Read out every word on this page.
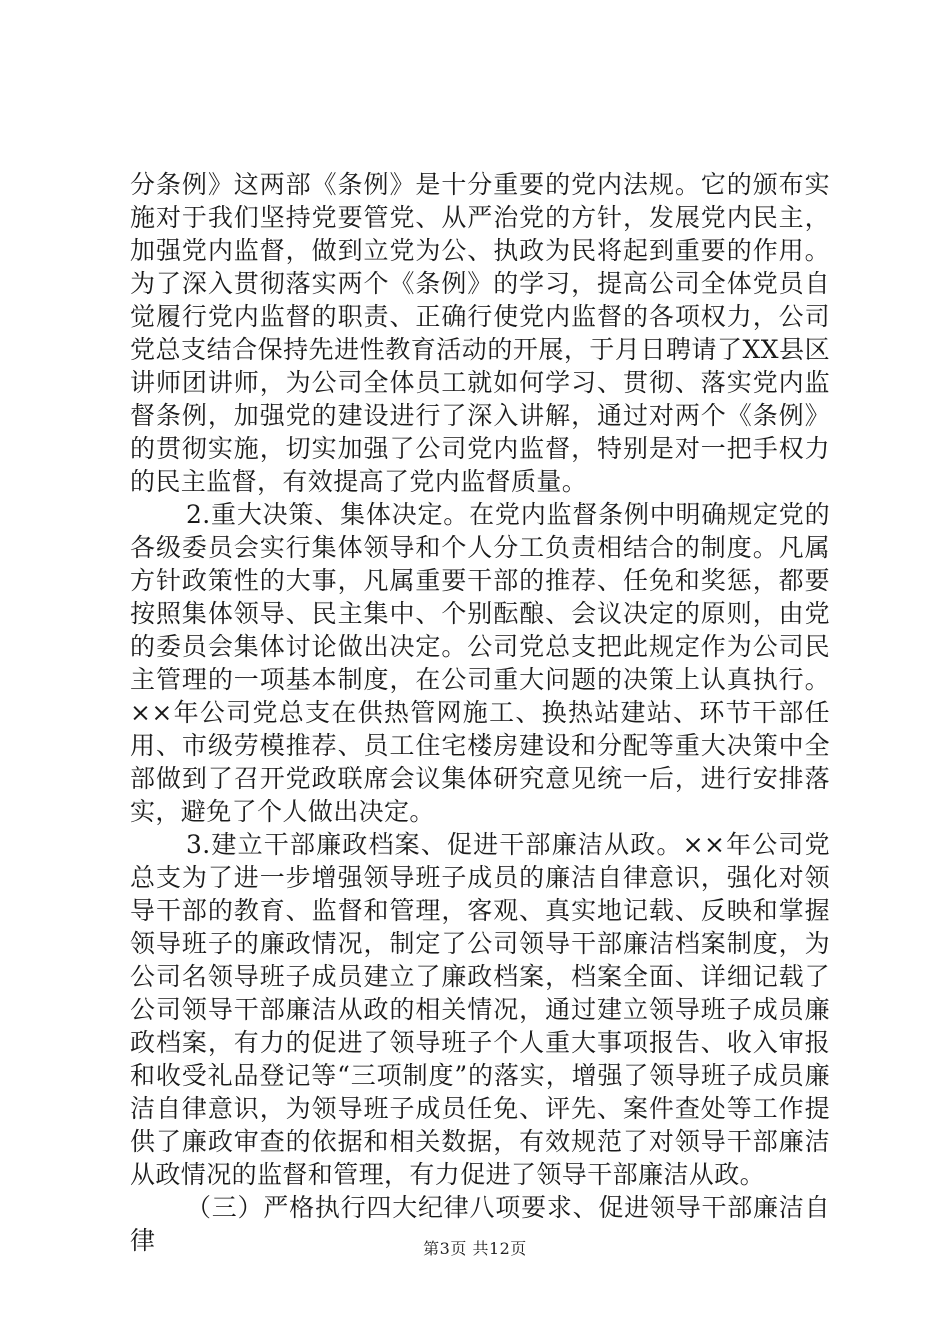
分条例》这两部《条例》是十分重要的党内法规。它的颁布实施对于我们坚持党要管党、从严治党的方针，发展党内民主，加强党内监督，做到立党为公、执政为民将起到重要的作用。为了深入贯彻落实两个《条例》的学习，提高公司全体党员自觉履行党内监督的职责、正确行使党内监督的各项权力，公司党总支结合保持先进性教育活动的开展，于月日聘请了XX县区讲师团讲师，为公司全体员工就如何学习、贯彻、落实党内监督条例，加强党的建设进行了深入讲解，通过对两个《条例》的贯彻实施，切实加强了公司党内监督，特别是对一把手权力的民主监督，有效提高了党内监督质量。

2.重大决策、集体决定。在党内监督条例中明确规定党的各级委员会实行集体领导和个人分工负责相结合的制度。凡属方针政策性的大事，凡属重要干部的推荐、任免和奖惩，都要按照集体领导、民主集中、个别酝酿、会议决定的原则，由党的委员会集体讨论做出决定。公司党总支把此规定作为公司民主管理的一项基本制度，在公司重大问题的决策上认真执行。××年公司党总支在供热管网施工、换热站建站、环节干部任用、市级劳模推荐、员工住宅楼房建设和分配等重大决策中全部做到了召开党政联席会议集体研究意见统一后，进行安排落实，避免了个人做出决定。

3.建立干部廉政档案、促进干部廉洁从政。××年公司党总支为了进一步增强领导班子成员的廉洁自律意识，强化对领导干部的教育、监督和管理，客观、真实地记载、反映和掌握领导班子的廉政情况，制定了公司领导干部廉洁档案制度，为公司名领导班子成员建立了廉政档案，档案全面、详细记载了公司领导干部廉洁从政的相关情况，通过建立领导班子成员廉政档案，有力的促进了领导班子个人重大事项报告、收入审报和收受礼品登记等“三项制度”的落实，增强了领导班子成员廉洁自律意识，为领导班子成员任免、评先、案件查处等工作提供了廉政审查的依据和相关数据，有效规范了对领导干部廉洁从政情况的监督和管理，有力促进了领导干部廉洁从政。

（三）严格执行四大纪律八项要求、促进领导干部廉洁自律	第3页 共12页
